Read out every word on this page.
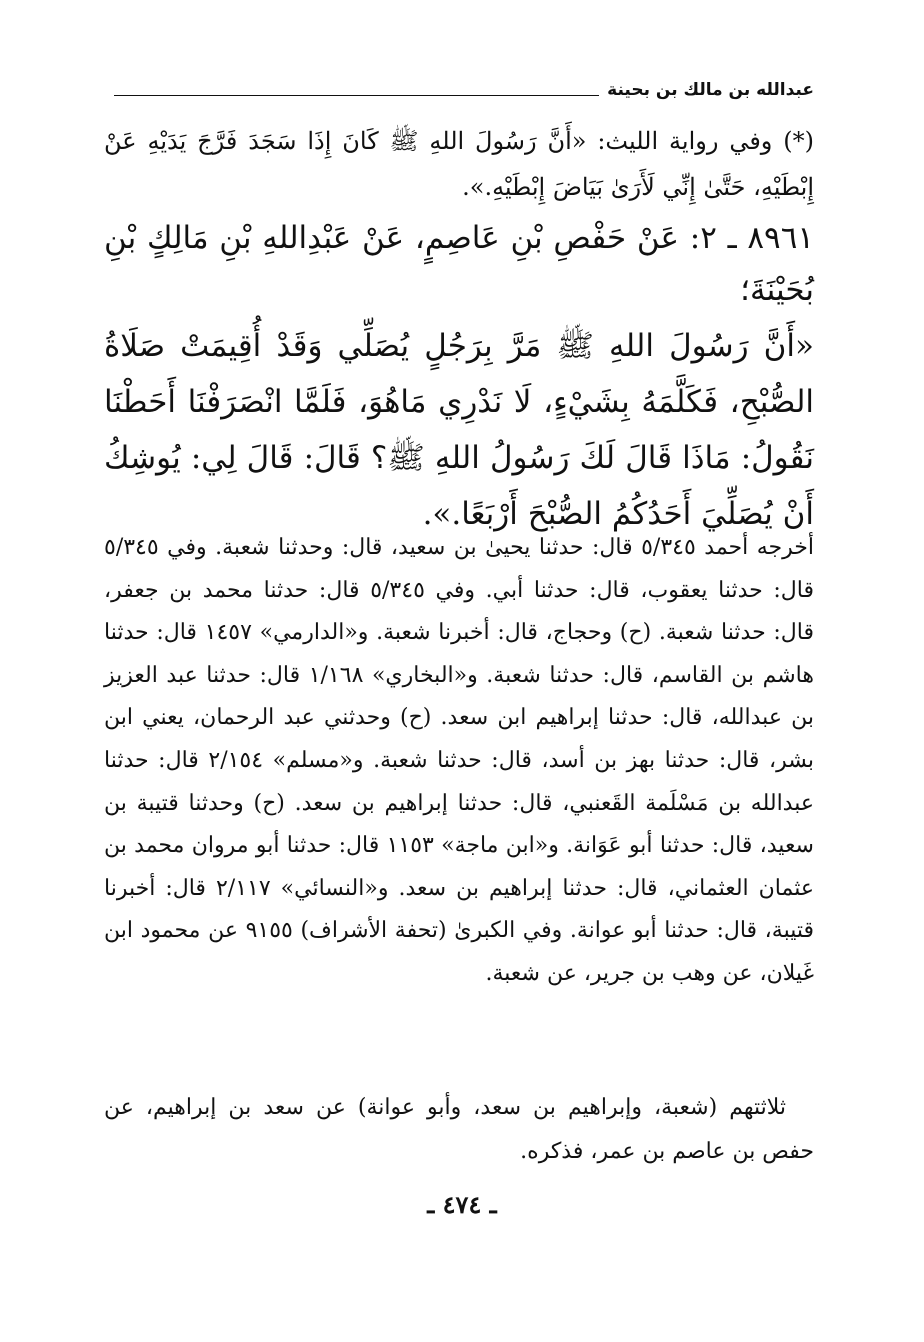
عبدالله بن مالك بن بحينة
(*) وفي رواية الليث: «أَنَّ رَسُولَ اللهِ ﷺ كَانَ إِذَا سَجَدَ فَرَّجَ يَدَيْهِ عَنْ إِبْطَيْهِ، حَتَّىٰ إِنِّي لَأَرَىٰ بَيَاضَ إِبْطَيْهِ.».
٨٩٦١ ـ ٢: عَنْ حَفْصِ بْنِ عَاصِمٍ، عَنْ عَبْدِاللهِ بْنِ مَالِكٍ بْنِ بُحَيْنَةَ؛
«أَنَّ رَسُولَ اللهِ ﷺ مَرَّ بِرَجُلٍ يُصَلِّي وَقَدْ أُقِيمَتْ صَلَاةُ الصُّبْحِ، فَكَلَّمَهُ بِشَيْءٍ، لَا نَدْرِي مَاهُوَ، فَلَمَّا انْصَرَفْنَا أَحَطْنَا نَقُولُ: مَاذَا قَالَ لَكَ رَسُولُ اللهِ ﷺ؟ قَالَ: قَالَ لِي: يُوشِكُ أَنْ يُصَلِّيَ أَحَدُكُمُ الصُّبْحَ أَرْبَعًا.».

أخرجه أحمد ٥/٣٤٥ قال: حدثنا يحيىٰ بن سعيد، قال: وحدثنا شعبة. وفي ٥/٣٤٥ قال: حدثنا يعقوب، قال: حدثنا أبي. وفي ٥/٣٤٥ قال: حدثنا محمد بن جعفر، قال: حدثنا شعبة. (ح) وحجاج، قال: أخبرنا شعبة. و«الدارمي» ١٤٥٧ قال: حدثنا هاشم بن القاسم، قال: حدثنا شعبة. و«البخاري» ١/١٦٨ قال: حدثنا عبد العزيز بن عبدالله، قال: حدثنا إبراهيم ابن سعد. (ح) وحدثني عبد الرحمان، يعني ابن بشر، قال: حدثنا بهز بن أسد، قال: حدثنا شعبة. و«مسلم» ٢/١٥٤ قال: حدثنا عبدالله بن مَسْلَمة القَعنبي، قال: حدثنا إبراهيم بن سعد. (ح) وحدثنا قتيبة بن سعيد، قال: حدثنا أبو عَوَانة. و«ابن ماجة» ١١٥٣ قال: حدثنا أبو مروان محمد بن عثمان العثماني، قال: حدثنا إبراهيم بن سعد. و«النسائي» ٢/١١٧ قال: أخبرنا قتيبة، قال: حدثنا أبو عوانة. وفي الكبرىٰ (تحفة الأشراف) ٩١٥٥ عن محمود ابن غَيلان، عن وهب بن جرير، عن شعبة.

ثلاثتهم (شعبة، وإبراهيم بن سعد، وأبو عوانة) عن سعد بن إبراهيم، عن حفص بن عاصم بن عمر، فذكره.

ـ ٤٧٤ ـ
